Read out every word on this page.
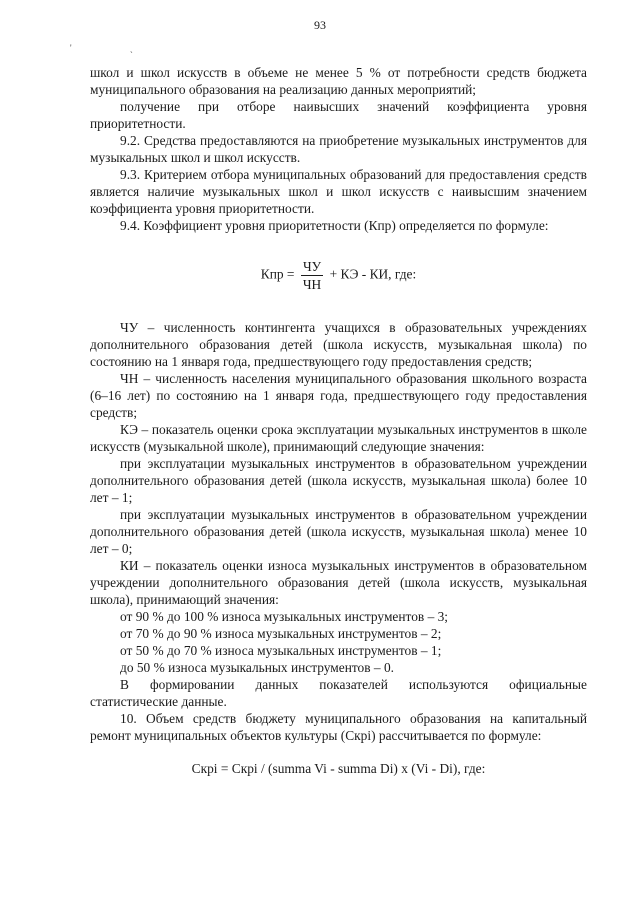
93
' ˎ

школ и школ искусств в объеме не менее 5 % от потребности средств бюджета муниципального образования на реализацию данных мероприятий;

получение при отборе наивысших значений коэффициента уровня приоритетности.

9.2. Средства предоставляются на приобретение музыкальных инструментов для музыкальных школ и школ искусств.

9.3. Критерием отбора муниципальных образований для предоставления средств является наличие музыкальных школ и школ искусств с наивысшим значением коэффициента уровня приоритетности.

9.4. Коэффициент уровня приоритетности (Кпр) определяется по формуле:

Кпр = $\frac{ЧУ}{ЧН}$ + КЭ - КИ, где:

ЧУ – численность контингента учащихся в образовательных учреждениях дополнительного образования детей (школа искусств, музыкальная школа) по состоянию на 1 января года, предшествующего году предоставления средств;

ЧН – численность населения муниципального образования школьного возраста (6–16 лет) по состоянию на 1 января года, предшествующего году предоставления средств;

КЭ – показатель оценки срока эксплуатации музыкальных инструментов в школе искусств (музыкальной школе), принимающий следующие значения:

при эксплуатации музыкальных инструментов в образовательном учреждении дополнительного образования детей (школа искусств, музыкальная школа) более 10 лет – 1;

при эксплуатации музыкальных инструментов в образовательном учреждении дополнительного образования детей (школа искусств, музыкальная школа) менее 10 лет – 0;

КИ – показатель оценки износа музыкальных инструментов в образовательном учреждении дополнительного образования детей (школа искусств, музыкальная школа), принимающий значения:

от 90 % до 100 % износа музыкальных инструментов – 3;

от 70 % до 90 % износа музыкальных инструментов – 2;

от 50 % до 70 % износа музыкальных инструментов – 1;

до 50 % износа музыкальных инструментов – 0.

В формировании данных показателей используются официальные статистические данные.

10. Объем средств бюджету муниципального образования на капитальный ремонт муниципальных объектов культуры (Скрi) рассчитывается по формуле:

Скрi = Скрi / (summa Vi - summa Di) x (Vi - Di), где:
